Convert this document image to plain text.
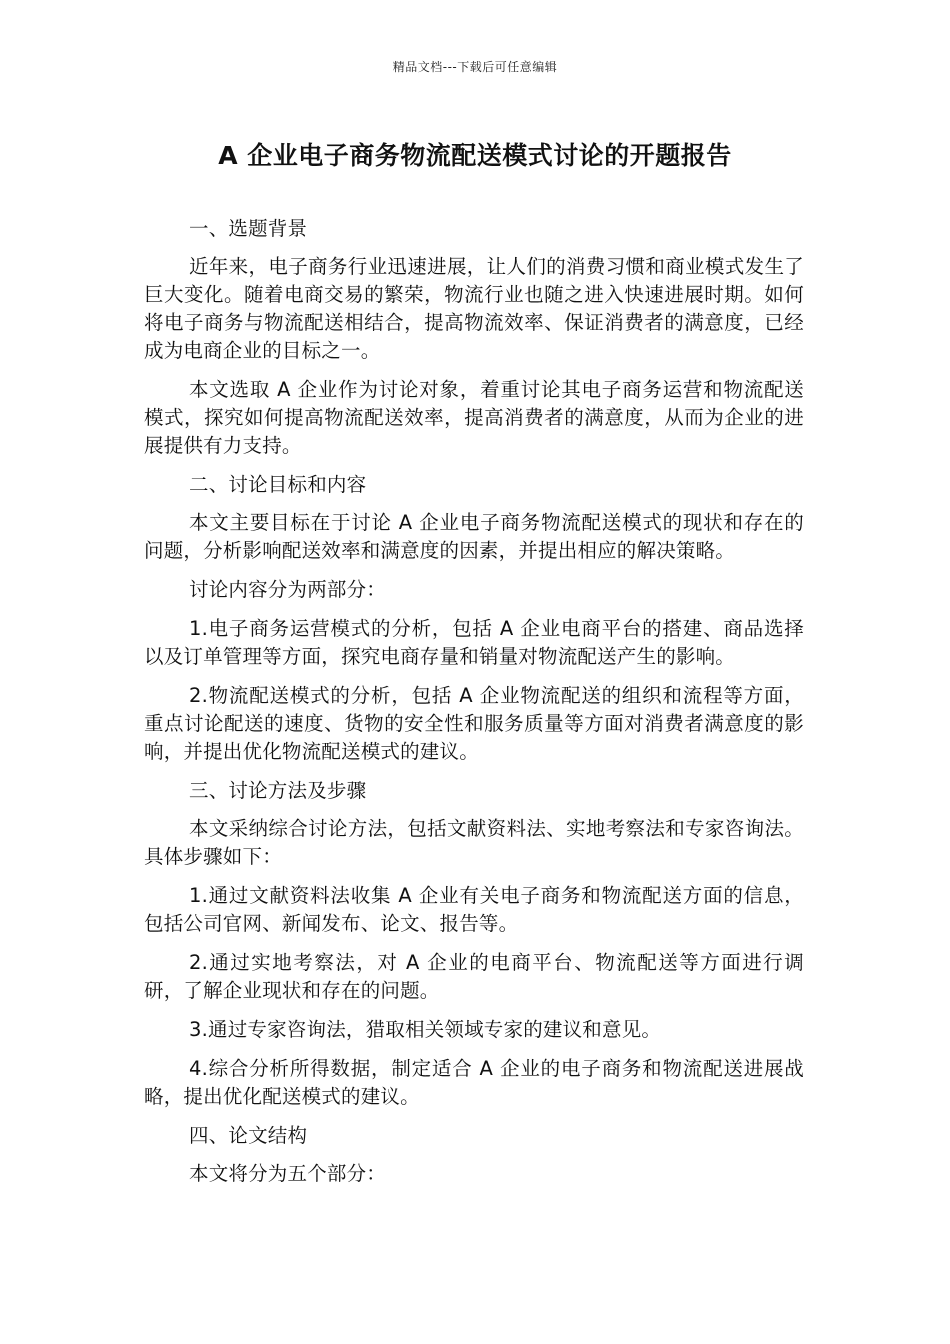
精品文档---下载后可任意编辑
A 企业电子商务物流配送模式讨论的开题报告

一、选题背景

近年来，电子商务行业迅速进展，让人们的消费习惯和商业模式发生了巨大变化。随着电商交易的繁荣，物流行业也随之进入快速进展时期。如何将电子商务与物流配送相结合，提高物流效率、保证消费者的满意度，已经成为电商企业的目标之一。

本文选取 A 企业作为讨论对象，着重讨论其电子商务运营和物流配送模式，探究如何提高物流配送效率，提高消费者的满意度，从而为企业的进展提供有力支持。

二、讨论目标和内容

本文主要目标在于讨论 A 企业电子商务物流配送模式的现状和存在的问题，分析影响配送效率和满意度的因素，并提出相应的解决策略。

讨论内容分为两部分：

1.电子商务运营模式的分析，包括 A 企业电商平台的搭建、商品选择以及订单管理等方面，探究电商存量和销量对物流配送产生的影响。

2.物流配送模式的分析，包括 A 企业物流配送的组织和流程等方面，重点讨论配送的速度、货物的安全性和服务质量等方面对消费者满意度的影响，并提出优化物流配送模式的建议。

三、讨论方法及步骤

本文采纳综合讨论方法，包括文献资料法、实地考察法和专家咨询法。具体步骤如下：

1.通过文献资料法收集 A 企业有关电子商务和物流配送方面的信息，包括公司官网、新闻发布、论文、报告等。

2.通过实地考察法，对 A 企业的电商平台、物流配送等方面进行调研，了解企业现状和存在的问题。

3.通过专家咨询法，猎取相关领域专家的建议和意见。

4.综合分析所得数据，制定适合 A 企业的电子商务和物流配送进展战略，提出优化配送模式的建议。

四、论文结构

本文将分为五个部分：
